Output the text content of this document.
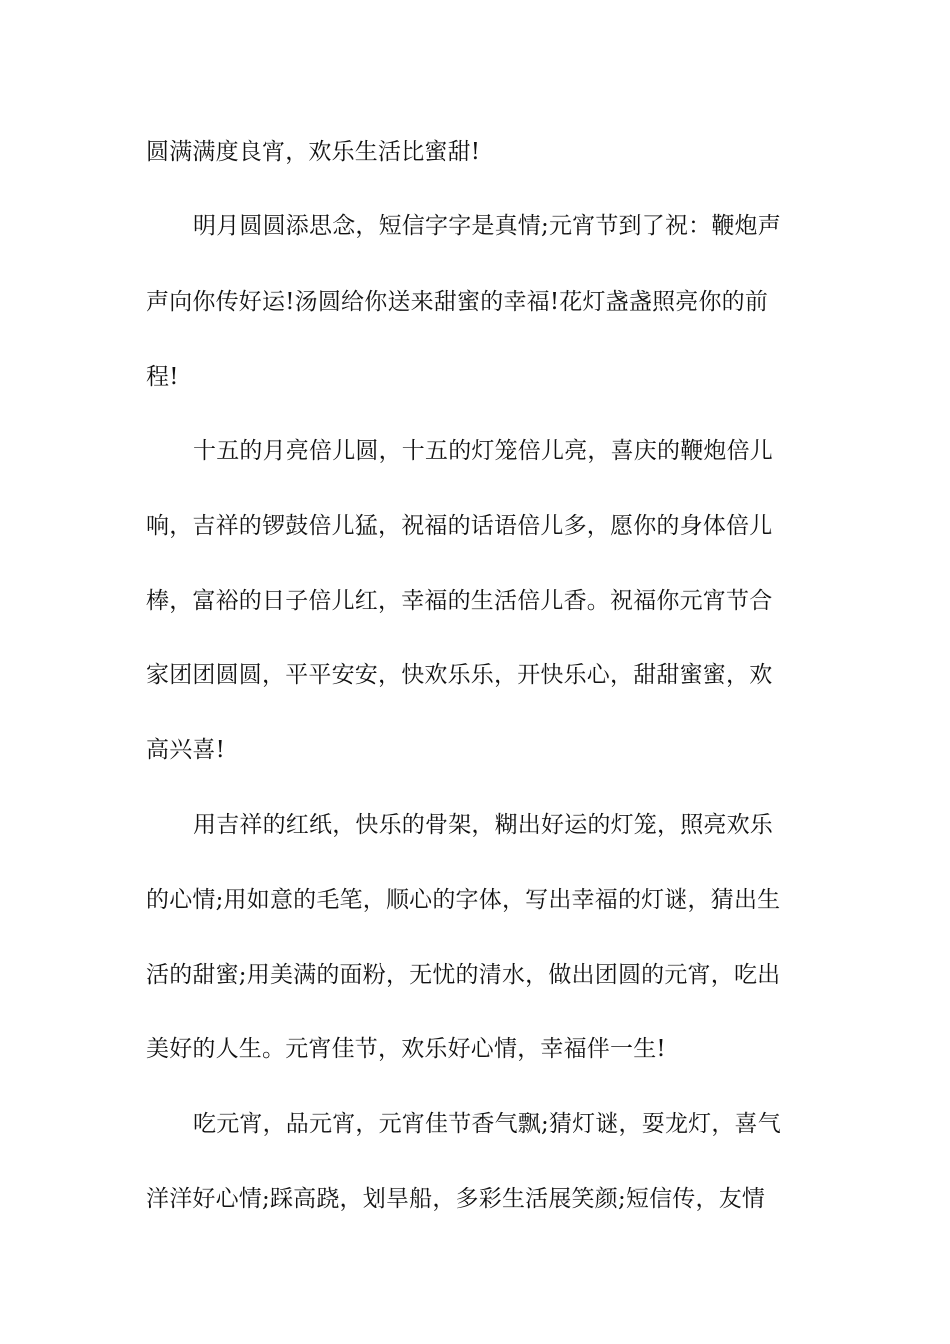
圆满满度良宵，欢乐生活比蜜甜!
明月圆圆添思念，短信字字是真情;元宵节到了祝：鞭炮声
声向你传好运!汤圆给你送来甜蜜的幸福!花灯盏盏照亮你的前
程!
十五的月亮倍儿圆，十五的灯笼倍儿亮，喜庆的鞭炮倍儿
响，吉祥的锣鼓倍儿猛，祝福的话语倍儿多，愿你的身体倍儿
棒，富裕的日子倍儿红，幸福的生活倍儿香。祝福你元宵节合
家团团圆圆，平平安安，快欢乐乐，开快乐心，甜甜蜜蜜，欢
高兴喜!
用吉祥的红纸，快乐的骨架，糊出好运的灯笼，照亮欢乐
的心情;用如意的毛笔，顺心的字体，写出幸福的灯谜，猜出生
活的甜蜜;用美满的面粉，无忧的清水，做出团圆的元宵，吃出
美好的人生。元宵佳节，欢乐好心情，幸福伴一生!
吃元宵，品元宵，元宵佳节香气飘;猜灯谜，耍龙灯，喜气
洋洋好心情;踩高跷，划旱船，多彩生活展笑颜;短信传，友情
